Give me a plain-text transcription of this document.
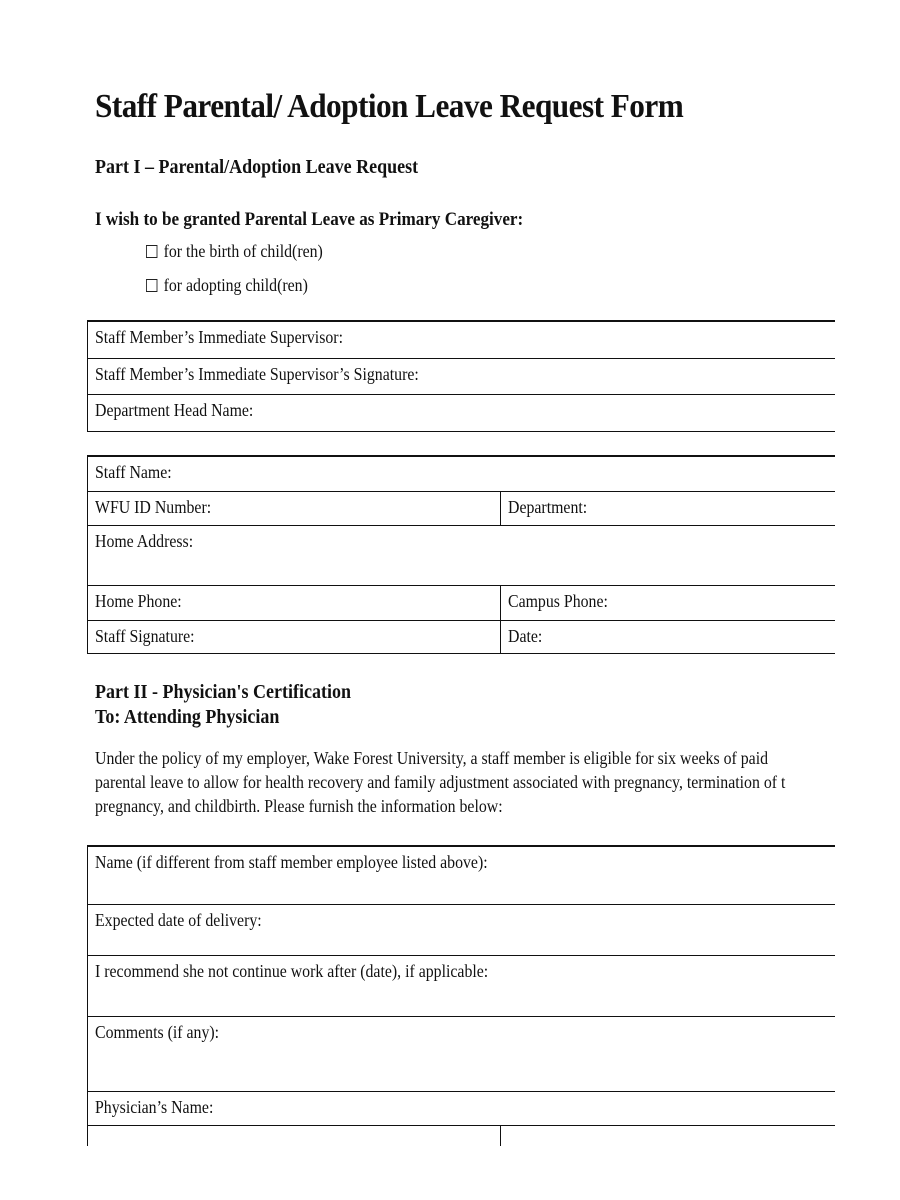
Staff Parental/ Adoption Leave Request Form
Part I – Parental/Adoption Leave Request
I wish to be granted Parental Leave as Primary Caregiver:
for the birth of child(ren)
for adopting child(ren)
Staff Member’s Immediate Supervisor:
Staff Member’s Immediate Supervisor’s Signature:
Department Head Name:
Staff Name:
WFU ID Number:	Department:
Home Address:
Home Phone:	Campus Phone:
Staff Signature:	Date:
Part II - Physician's Certification
To: Attending Physician
Under the policy of my employer, Wake Forest University, a staff member is eligible for six weeks of paid
parental leave to allow for health recovery and family adjustment associated with pregnancy, termination of t
pregnancy, and childbirth. Please furnish the information below:
Name (if different from staff member employee listed above):
Expected date of delivery:
I recommend she not continue work after (date), if applicable:
Comments (if any):
Physician’s Name:
